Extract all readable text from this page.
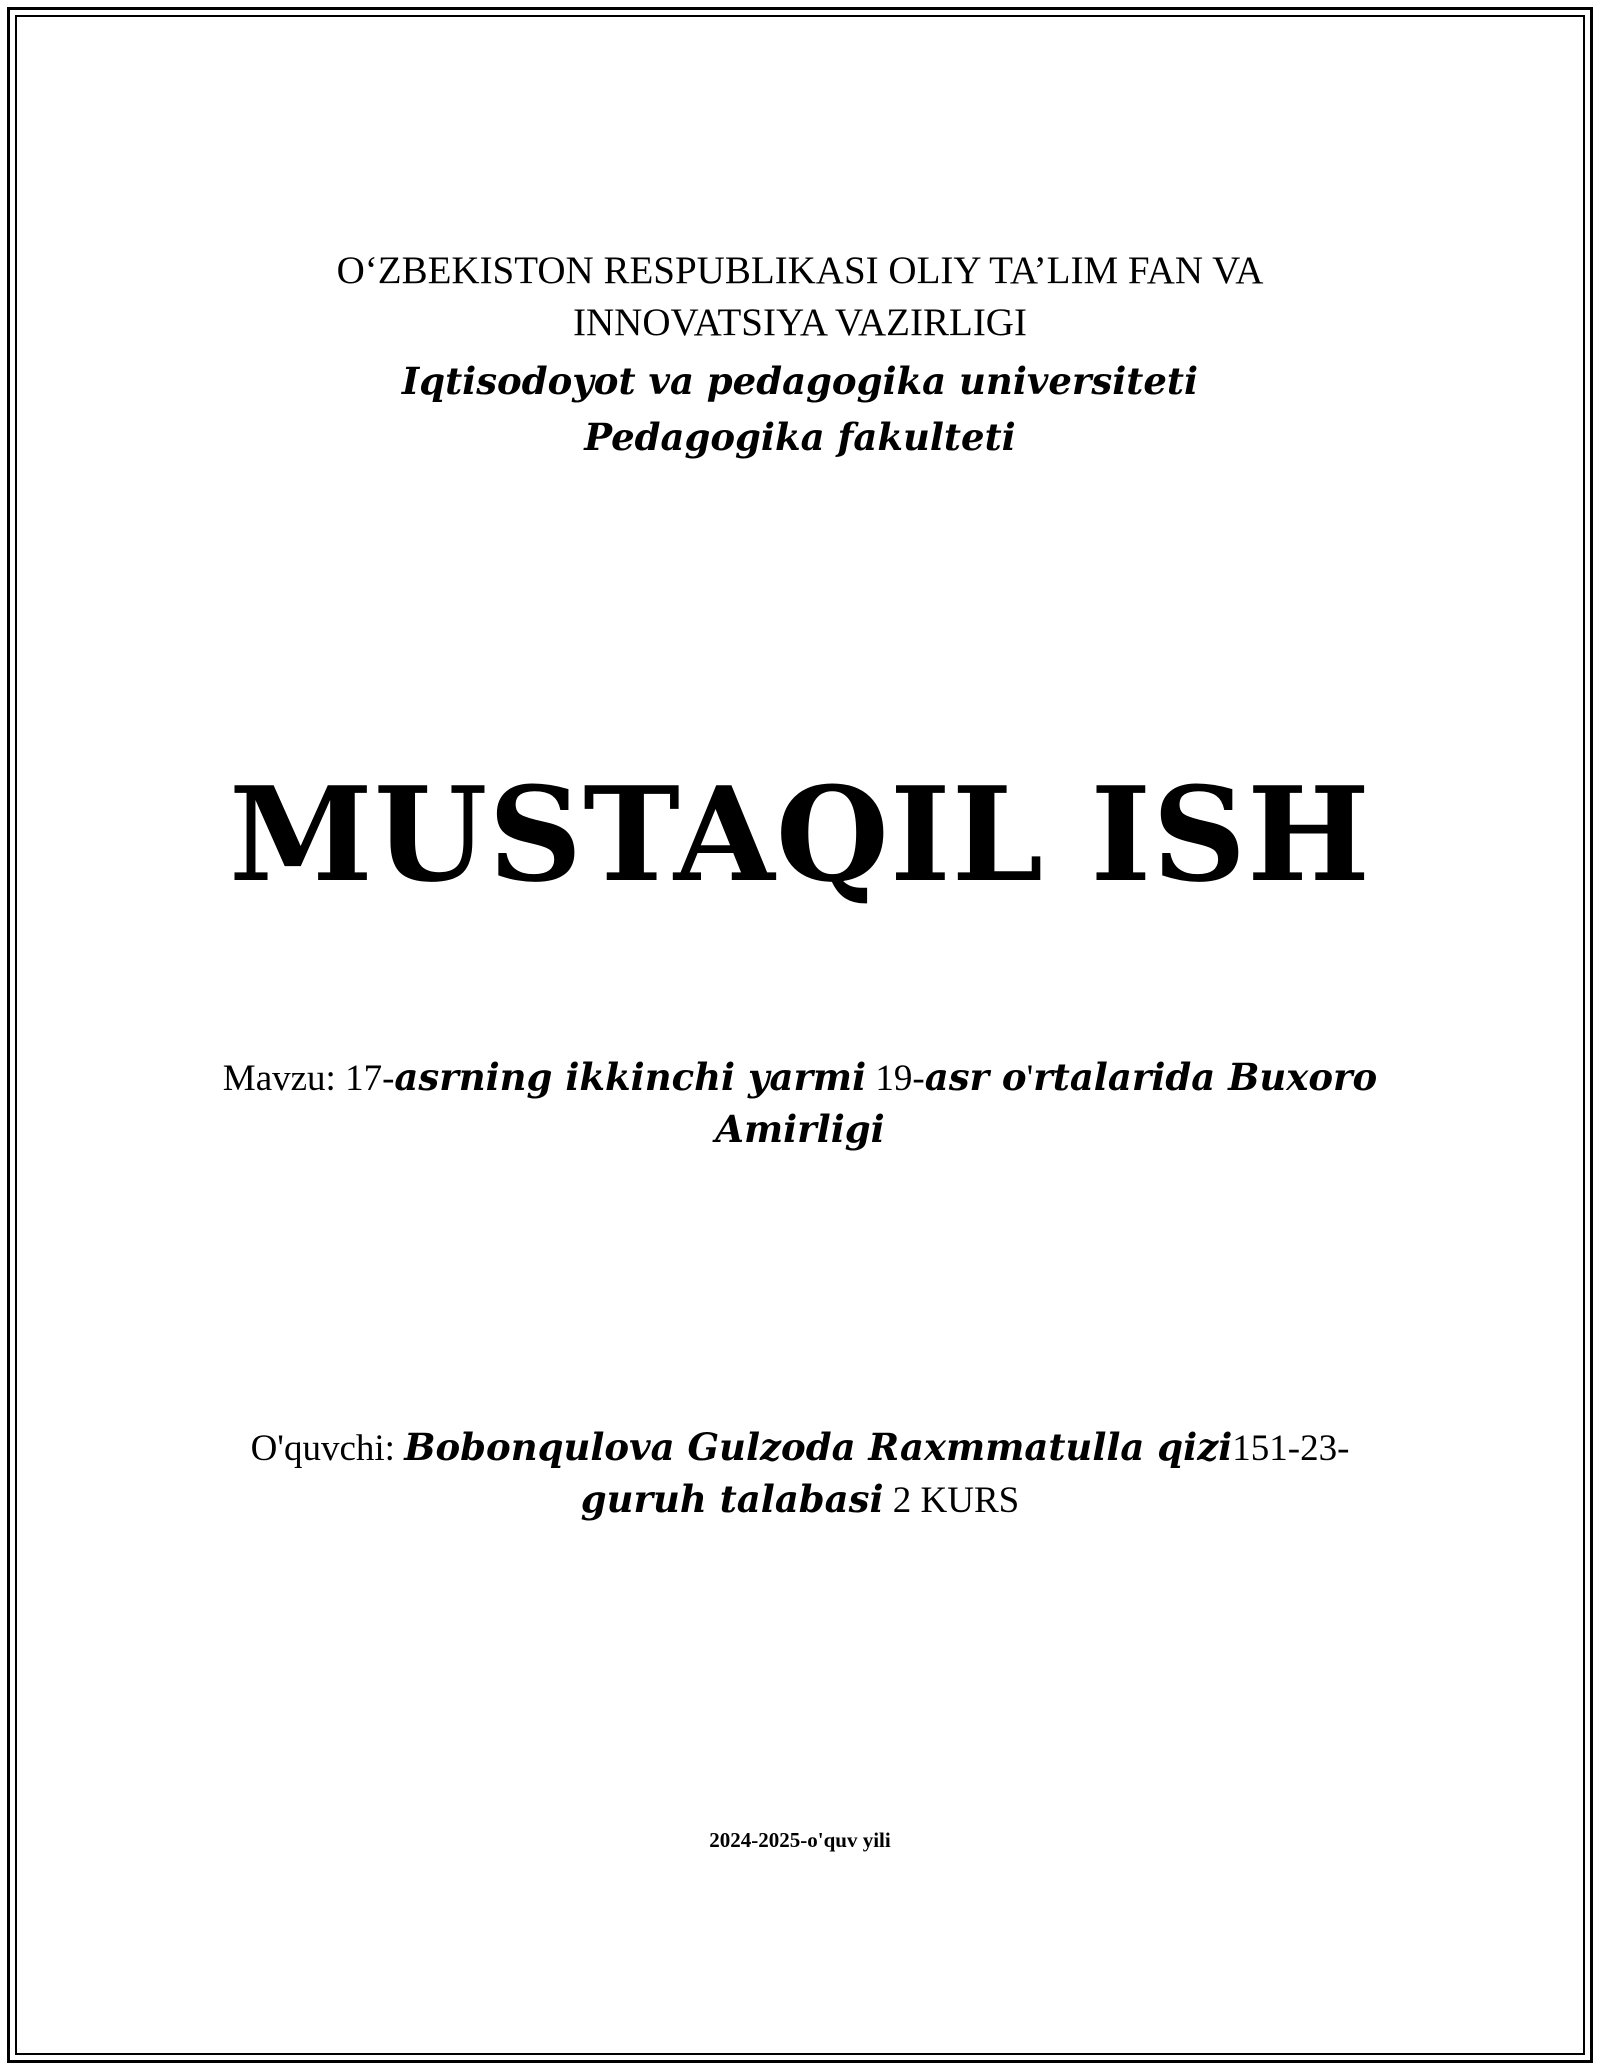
O‘ZBEKISTON RESPUBLIKASI OLIY TA’LIM FAN VA
INNOVATSIYA VAZIRLIGI
Iqtisodoyot va pedagogika universiteti
Pedagogika fakulteti
MUSTAQIL ISH
Mavzu: 17-asrning ikkinchi yarmi 19-asr o'rtalarida Buxoro
Amirligi
O'quvchi: Bobonqulova Gulzoda Raxmmatulla qizi151-23-
guruh talabasi 2 KURS
2024-2025-o'quv yili
